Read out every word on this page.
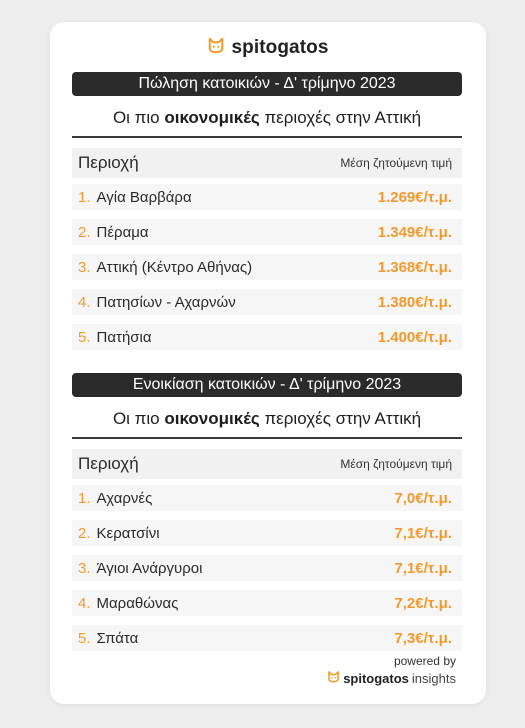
spitogatos
Πώληση κατοικιών - Δ' τρίμηνο 2023
Οι πιο οικονομικές περιοχές στην Αττική
Περιοχή	Μέση ζητούμενη τιμή
1. Αγία Βαρβάρα	1.269€/τ.μ.
2. Πέραμα	1.349€/τ.μ.
3. Αττική (Κέντρο Αθήνας)	1.368€/τ.μ.
4. Πατησίων - Αχαρνών	1.380€/τ.μ.
5. Πατήσια	1.400€/τ.μ.
Ενοικίαση κατοικιών - Δ' τρίμηνο 2023
Οι πιο οικονομικές περιοχές στην Αττική
Περιοχή	Μέση ζητούμενη τιμή
1. Αχαρνές	7,0€/τ.μ.
2. Κερατσίνι	7,1€/τ.μ.
3. Άγιοι Ανάργυροι	7,1€/τ.μ.
4. Μαραθώνας	7,2€/τ.μ.
5. Σπάτα	7,3€/τ.μ.
powered by
spitogatos insights
